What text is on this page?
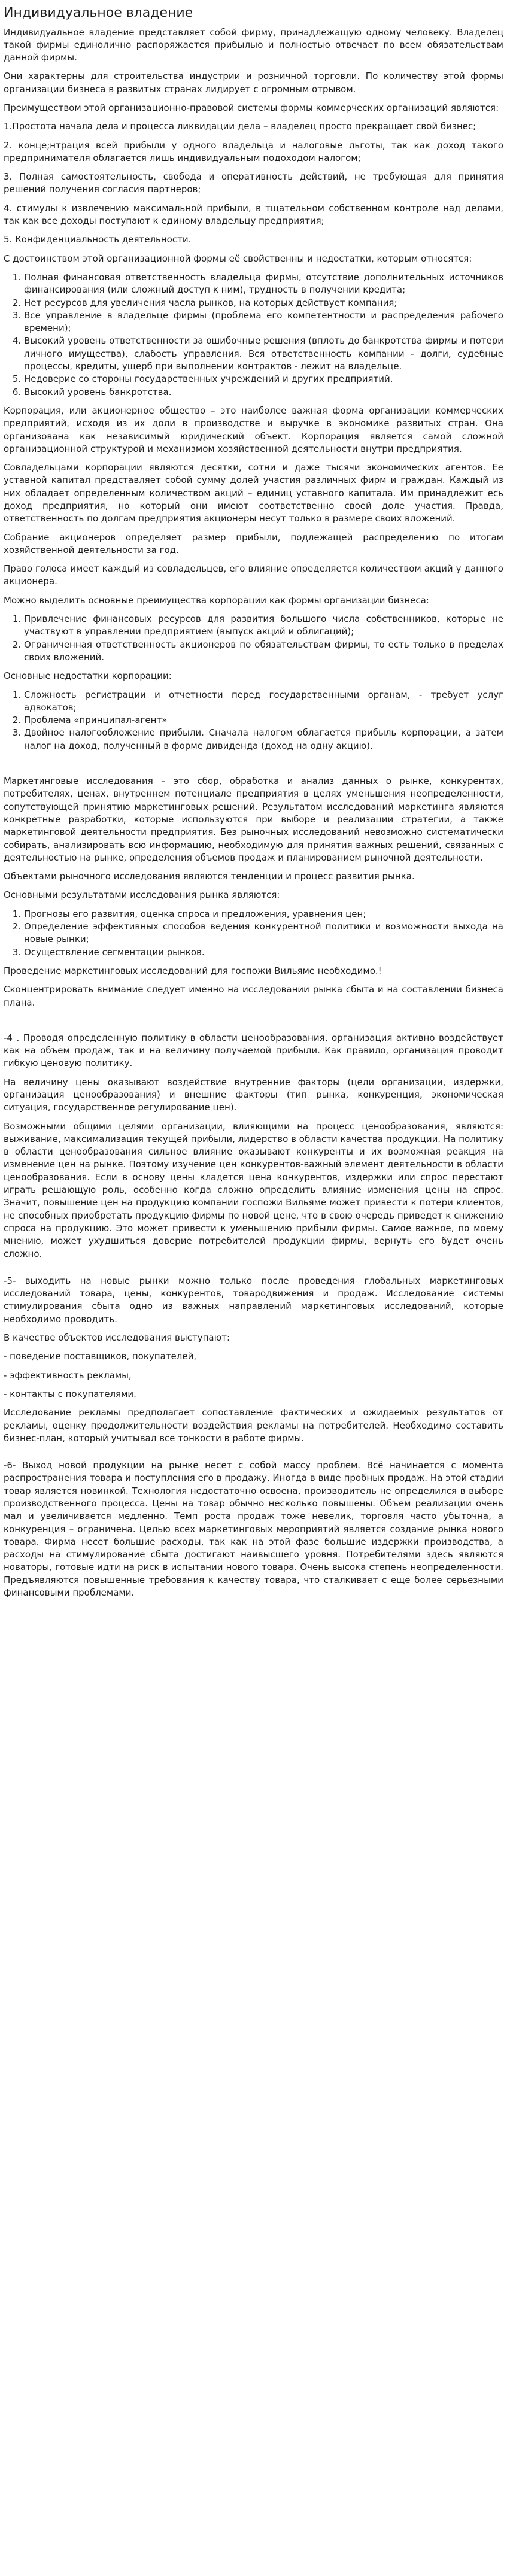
Индивидуальное владение

Индивидуальное владение представляет собой фирму, принадлежащую одному человеку. Владелец такой фирмы единолично распоряжается прибылью и полностью отвечает по всем обязательствам данной фирмы.

Они характерны для строительства индустрии и розничной торговли. По количеству этой формы организации бизнеса в развитых странах лидирует с огромным отрывом.

Преимуществом этой организационно-правовой системы формы коммерческих организаций являются:

1.Простота начала дела и процесса ликвидации дела – владелец просто прекращает свой бизнес;

2. конце;нтрация всей прибыли у одного владельца и налоговые льготы, так как доход такого предпринимателя облагается лишь индивидуальным подоходом налогом;

3. Полная самостоятельность, свобода и оперативность действий, не требующая для принятия решений получения согласия партнеров;

4. стимулы к извлечению максимальной прибыли, в тщательном собственном контроле над делами, так как все доходы поступают к единому владельцу предприятия;

5. Конфиденциальность деятельности.

С достоинством этой организационной формы её свойственны и недостатки, которым относятся:

1. Полная финансовая ответственность владельца фирмы, отсутствие дополнительных источников финансирования (или сложный доступ к ним), трудность в получении кредита;
2. Нет ресурсов для увеличения часла рынков, на которых действует компания;
3. Все управление в владельце фирмы (проблема его компетентности и распределения рабочего времени);
4. Высокий уровень ответственности за ошибочные решения (вплоть до банкротства фирмы и потери личного имущества), слабость управления. Вся ответственность компании - долги, судебные процессы, кредиты, ущерб при выполнении контрактов - лежит на владельце.
5. Недоверие со стороны государственных учреждений и других предприятий.
6. Высокий уровень банкротства.

Корпорация, или акционерное общество – это наиболее важная форма организации коммерческих предприятий, исходя из их доли в производстве и выручке в экономике развитых стран. Она организована как независимый юридический объект. Корпорация является самой сложной организационной структурой и механизмом хозяйственной деятельности внутри предприятия.

Совладельцами корпорации являются десятки, сотни и даже тысячи экономических агентов. Ее уставной капитал представляет собой сумму долей участия различных фирм и граждан. Каждый из них обладает определенным количеством акций – единиц уставного капитала. Им принадлежит есь доход предприятия, но который они имеют соответственно своей доле участия. Правда, ответственность по долгам предприятия акционеры несут только в размере своих вложений.

Собрание акционеров определяет размер прибыли, подлежащей распределению по итогам хозяйственной деятельности за год.

Право голоса имеет каждый из совладельцев, его влияние определяется количеством акций у данного акционера.

Можно выделить основные преимущества корпорации как формы организации бизнеса:

1. Привлечение финансовых ресурсов для развития большого числа собственников, которые не участвуют в управлении предприятием (выпуск акций и облигаций);
2. Ограниченная ответственность акционеров по обязательствам фирмы, то есть только в пределах своих вложений.

Основные недостатки корпорации:

1. Сложность регистрации и отчетности перед государственными органам, - требует услуг адвокатов;
2. Проблема «принципал-агент»
3. Двойное налогообложение прибыли. Сначала налогом облагается прибыль корпорации, а затем налог на доход, полученный в форме дивиденда (доход на одну акцию).

Маркетинговые исследования – это сбор, обработка и анализ данных о рынке, конкурентах, потребителях, ценах, внутреннем потенциале предприятия в целях уменьшения неопределенности, сопутствующей принятию маркетинговых решений. Результатом исследований маркетинга являются конкретные разработки, которые используются при выборе и реализации стратегии, а также маркетинговой деятельности предприятия. Без рыночных исследований невозможно систематически собирать, анализировать всю информацию, необходимую для принятия важных решений, связанных с деятельностью на рынке, определения объемов продаж и планированием рыночной деятельности.

Объектами рыночного исследования являются тенденции и процесс развития рынка.

Основными результатами исследования рынка являются:

1. Прогнозы его развития, оценка спроса и предложения, уравнения цен;
2. Определение эффективных способов ведения конкурентной политики и возможности выхода на новые рынки;
3. Осуществление сегментации рынков.

Проведение маркетинговых исследований для госпожи Вильяме необходимо.!

Сконцентрировать внимание следует именно на исследовании рынка сбыта и на составлении бизнеса плана.

-4 . Проводя определенную политику в области ценообразования, организация активно воздействует как на объем продаж, так и на величину получаемой прибыли. Как правило, организация проводит гибкую ценовую политику.

На величину цены оказывают воздействие внутренние факторы (цели организации, издержки, организация ценообразования) и внешние факторы (тип рынка, конкуренция, экономическая ситуация, государственное регулирование цен).

Возможными общими целями организации, влияющими на процесс ценообразования, являются: выживание, максимализация текущей прибыли, лидерство в области качества продукции. На политику в области ценообразования сильное влияние оказывают конкуренты и их возможная реакция на изменение цен на рынке. Поэтому изучение цен конкурентов-важный элемент деятельности в области ценообразования. Если в основу цены кладется цена конкурентов, издержки или спрос перестают играть решающую роль, особенно когда сложно определить влияние изменения цены на спрос. Значит, повышение цен на продукцию компании госпожи Вильяме может привести к потери клиентов, не способных приобретать продукцию фирмы по новой цене, что в свою очередь приведет к снижению спроса на продукцию. Это может привести к уменьшению прибыли фирмы. Самое важное, по моему мнению, может ухудшиться доверие потребителей продукции фирмы, вернуть его будет очень сложно.

-5- выходить на новые рынки можно только после проведения глобальных маркетинговых исследований товара, цены, конкурентов, товародвижения и продаж. Исследование системы стимулирования сбыта одно из важных направлений маркетинговых исследований, которые необходимо проводить.

В качестве объектов исследования выступают:

- поведение поставщиков, покупателей,

- эффективность рекламы,

- контакты с покупателями.

Исследование рекламы предполагает сопоставление фактических и ожидаемых результатов от рекламы, оценку продолжительности воздействия рекламы на потребителей. Необходимо составить бизнес-план, который учитывал все тонкости в работе фирмы.

-6- Выход новой продукции на рынке несет с собой массу проблем. Всё начинается с момента распространения товара и поступления его в продажу. Иногда в виде пробных продаж. На этой стадии товар является новинкой. Технология недостаточно освоена, производитель не определился в выборе производственного процесса. Цены на товар обычно несколько повышены. Объем реализации очень мал и увеличивается медленно. Темп роста продаж тоже невелик, торговля часто убыточна, а конкуренция – ограничена. Целью всех маркетинговых мероприятий является создание рынка нового товара. Фирма несет большие расходы, так как на этой фазе большие издержки производства, а расходы на стимулирование сбыта достигают наивысшего уровня. Потребителями здесь являются новаторы, готовые идти на риск в испытании нового товара. Очень высока степень неопределенности. Предъявляются повышенные требования к качеству товара, что сталкивает с еще более серьезными финансовыми проблемами.
